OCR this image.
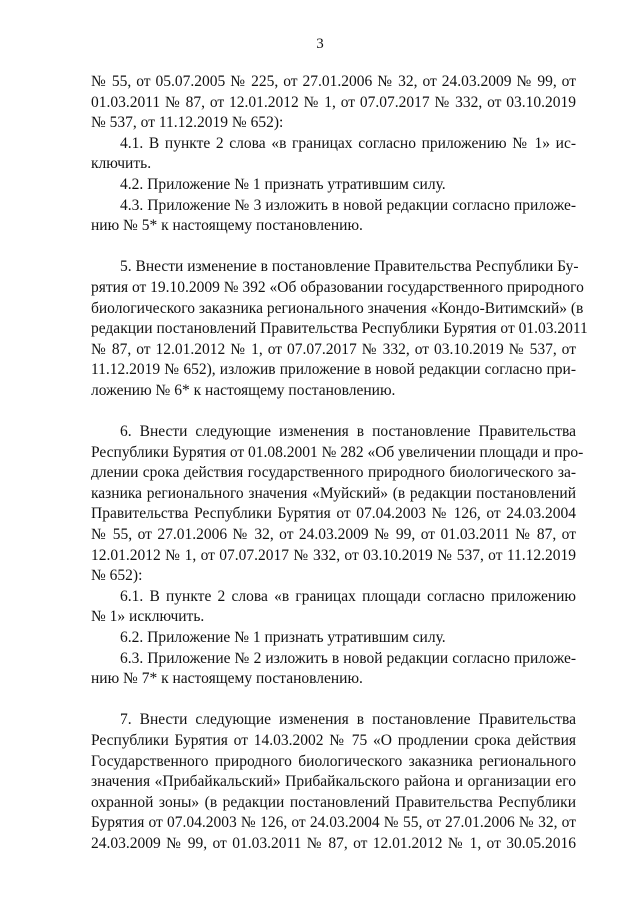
3
№ 55, от 05.07.2005 № 225, от 27.01.2006 № 32, от 24.03.2009 № 99, от
01.03.2011 № 87, от 12.01.2012 № 1, от 07.07.2017 № 332, от 03.10.2019
№ 537, от 11.12.2019 № 652):
4.1. В пункте 2 слова «в границах согласно приложению № 1» ис-
ключить.
4.2. Приложение № 1 признать утратившим силу.
4.3. Приложение № 3 изложить в новой редакции согласно приложе-
нию № 5* к настоящему постановлению.
5. Внести изменение в постановление Правительства Республики Бу-
рятия от 19.10.2009 № 392 «Об образовании государственного природного
биологического заказника регионального значения «Кондо-Витимский» (в
редакции постановлений Правительства Республики Бурятия от 01.03.2011
№ 87, от 12.01.2012 № 1, от 07.07.2017 № 332, от 03.10.2019 № 537, от
11.12.2019 № 652), изложив приложение в новой редакции согласно при-
ложению № 6* к настоящему постановлению.
6. Внести следующие изменения в постановление Правительства
Республики Бурятия от 01.08.2001 № 282 «Об увеличении площади и про-
длении срока действия государственного природного биологического за-
казника регионального значения «Муйский» (в редакции постановлений
Правительства Республики Бурятия от 07.04.2003 № 126, от 24.03.2004
№ 55, от 27.01.2006 № 32, от 24.03.2009 № 99, от 01.03.2011 № 87, от
12.01.2012 № 1, от 07.07.2017 № 332, от 03.10.2019 № 537, от 11.12.2019
№ 652):
6.1. В пункте 2 слова «в границах площади согласно приложению
№ 1» исключить.
6.2. Приложение № 1 признать утратившим силу.
6.3. Приложение № 2 изложить в новой редакции согласно приложе-
нию № 7* к настоящему постановлению.
7. Внести следующие изменения в постановление Правительства
Республики Бурятия от 14.03.2002 № 75 «О продлении срока действия
Государственного природного биологического заказника регионального
значения «Прибайкальский» Прибайкальского района и организации его
охранной зоны» (в редакции постановлений Правительства Республики
Бурятия от 07.04.2003 № 126, от 24.03.2004 № 55, от 27.01.2006 № 32, от
24.03.2009 № 99, от 01.03.2011 № 87, от 12.01.2012 № 1, от 30.05.2016
